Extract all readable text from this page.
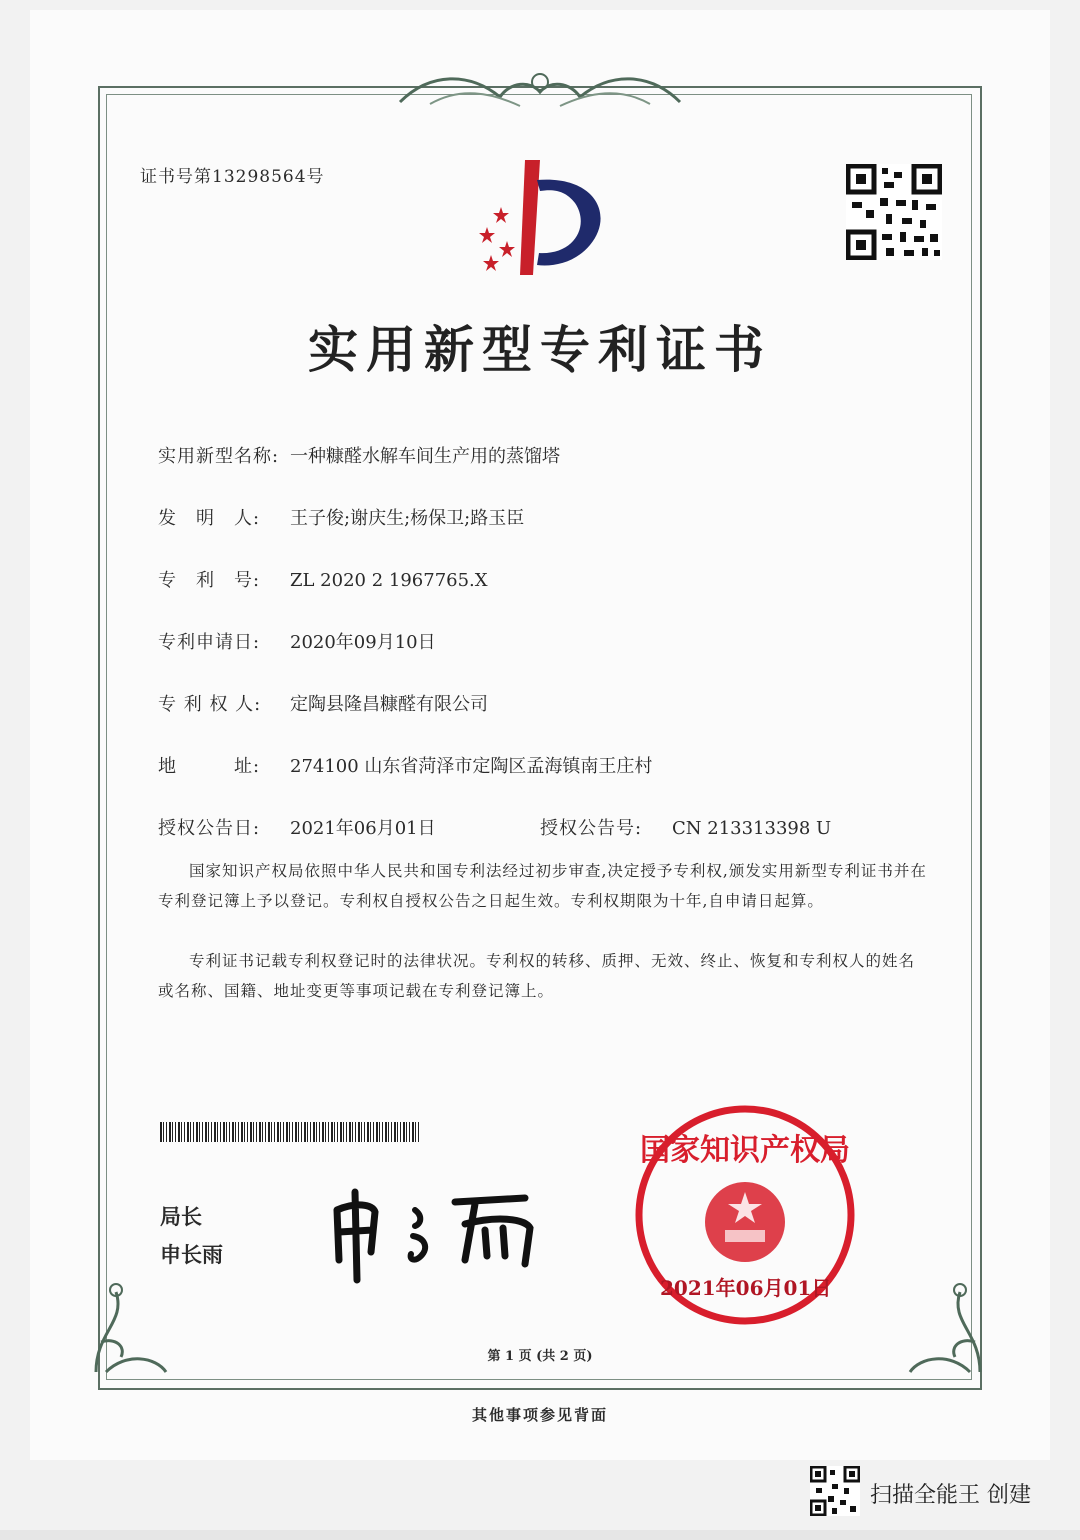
证书号第13298564号
实用新型专利证书
实用新型名称: 一种糠醛水解车间生产用的蒸馏塔
发　明　人: 王子俊;谢庆生;杨保卫;路玉臣
专　利　号: ZL 2020 2 1967765.X
专利申请日: 2020年09月10日
专 利 权 人: 定陶县隆昌糠醛有限公司
地　　　址: 274100 山东省菏泽市定陶区孟海镇南王庄村
授权公告日: 2021年06月01日	授权公告号: CN 213313398 U
国家知识产权局依照中华人民共和国专利法经过初步审查,决定授予专利权,颁发实用新型专利证书并在专利登记簿上予以登记。专利权自授权公告之日起生效。专利权期限为十年,自申请日起算。
专利证书记载专利权登记时的法律状况。专利权的转移、质押、无效、终止、恢复和专利权人的姓名或名称、国籍、地址变更等事项记载在专利登记簿上。
局长
申长雨
国家知识产权局
2021年06月01日
第 1 页 (共 2 页)
其他事项参见背面
扫描全能王 创建
